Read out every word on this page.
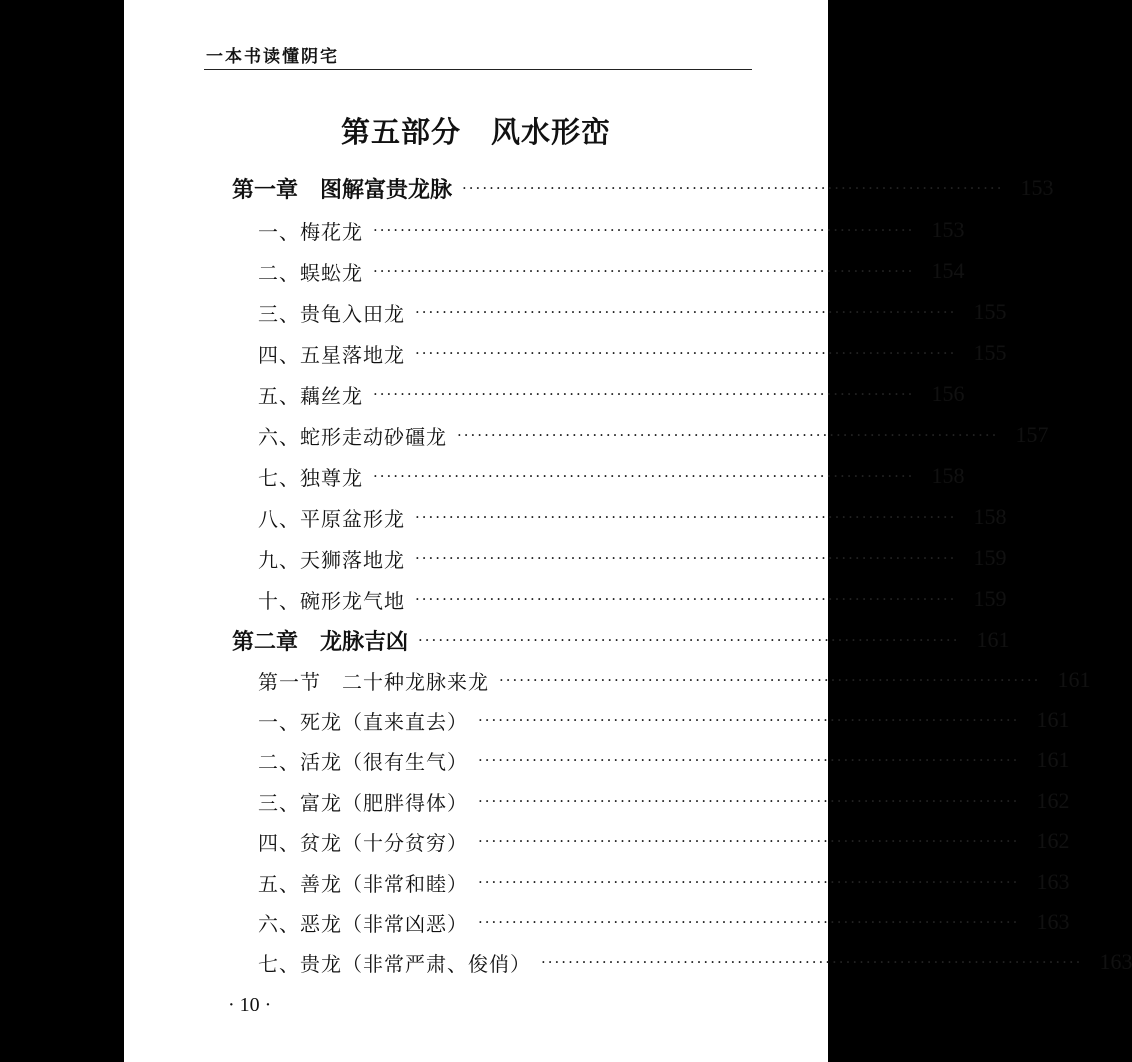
一本书读懂阴宅
第五部分　风水形峦
第一章　图解富贵龙脉 ················································································ 153
一、梅花龙 ················································································ 153
二、蜈蚣龙 ················································································ 154
三、贵龟入田龙 ················································································ 155
四、五星落地龙 ················································································ 155
五、藕丝龙 ················································································ 156
六、蛇形走动砂礓龙 ················································································ 157
七、独尊龙 ················································································ 158
八、平原盆形龙 ················································································ 158
九、天狮落地龙 ················································································ 159
十、碗形龙气地 ················································································ 159
第二章　龙脉吉凶 ················································································ 161
第一节　二十种龙脉来龙 ················································································ 161
一、死龙（直来直去） ················································································ 161
二、活龙（很有生气） ················································································ 161
三、富龙（肥胖得体） ················································································ 162
四、贫龙（十分贫穷） ················································································ 162
五、善龙（非常和睦） ················································································ 163
六、恶龙（非常凶恶） ················································································ 163
七、贵龙（非常严肃、俊俏） ················································································ 163
· 10 ·
